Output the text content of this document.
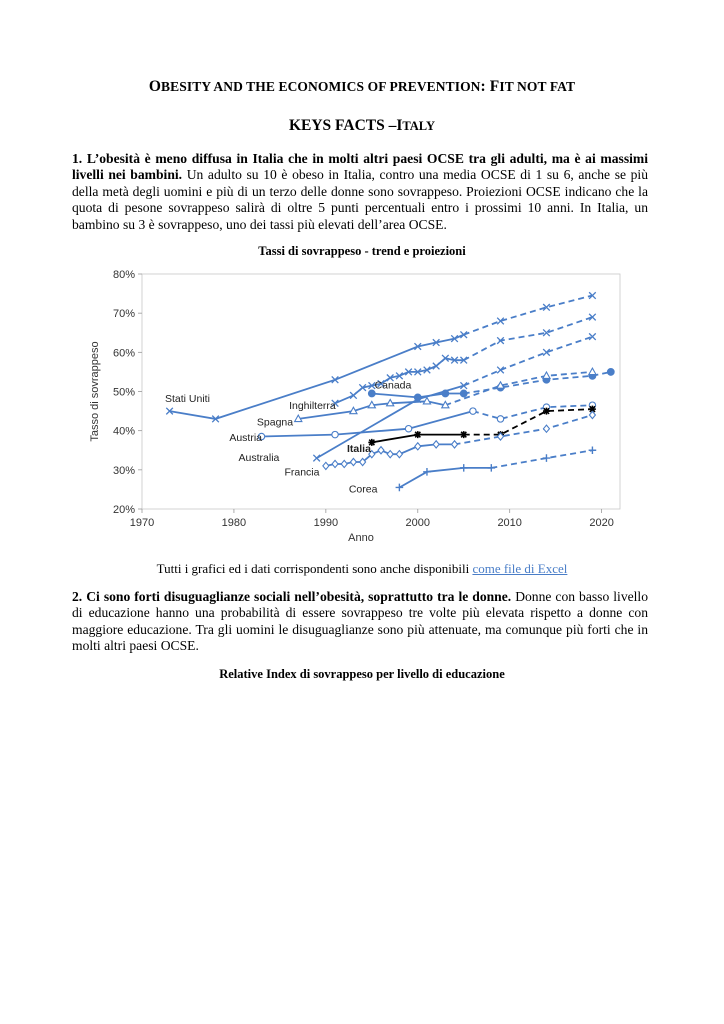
OBESITY AND THE ECONOMICS OF PREVENTION: FIT NOT FAT
KEYS FACTS –ITALY
1. L’obesità è meno diffusa in Italia che in molti altri paesi OCSE tra gli adulti, ma è ai massimi livelli nei bambini. Un adulto su 10 è obeso in Italia, contro una media OCSE di 1 su 6, anche se più della metà degli uomini e più di un terzo delle donne sono sovrappeso. Proiezioni OCSE indicano che la quota di pesone sovrappeso salirà di oltre 5 punti percentuali entro i prossimi 10 anni. In Italia, un bambino su 3 è sovrappeso, uno dei tassi più elevati dell’area OCSE.
Tassi di sovrappeso - trend e proiezioni
20%
30%
40%
50%
60%
70%
80%
1970	1980	1990	2000	2010	2020
Anno
Tasso di sovrappeso	Stati Uniti
Canada
Inghilterra
Spagna
Austria
Australia
Italia
Francia
Corea
Tutti i grafici ed i dati corrispondenti sono anche disponibili come file di Excel
2. Ci sono forti disuguaglianze sociali nell’obesità, soprattutto tra le donne. Donne con basso livello di educazione hanno una probabilità di essere sovrappeso tre volte più elevata rispetto a donne con maggiore educazione. Tra gli uomini le disuguaglianze sono più attenuate, ma comunque più forti che in molti altri paesi OCSE.
Relative Index di sovrappeso per livello di educazione
